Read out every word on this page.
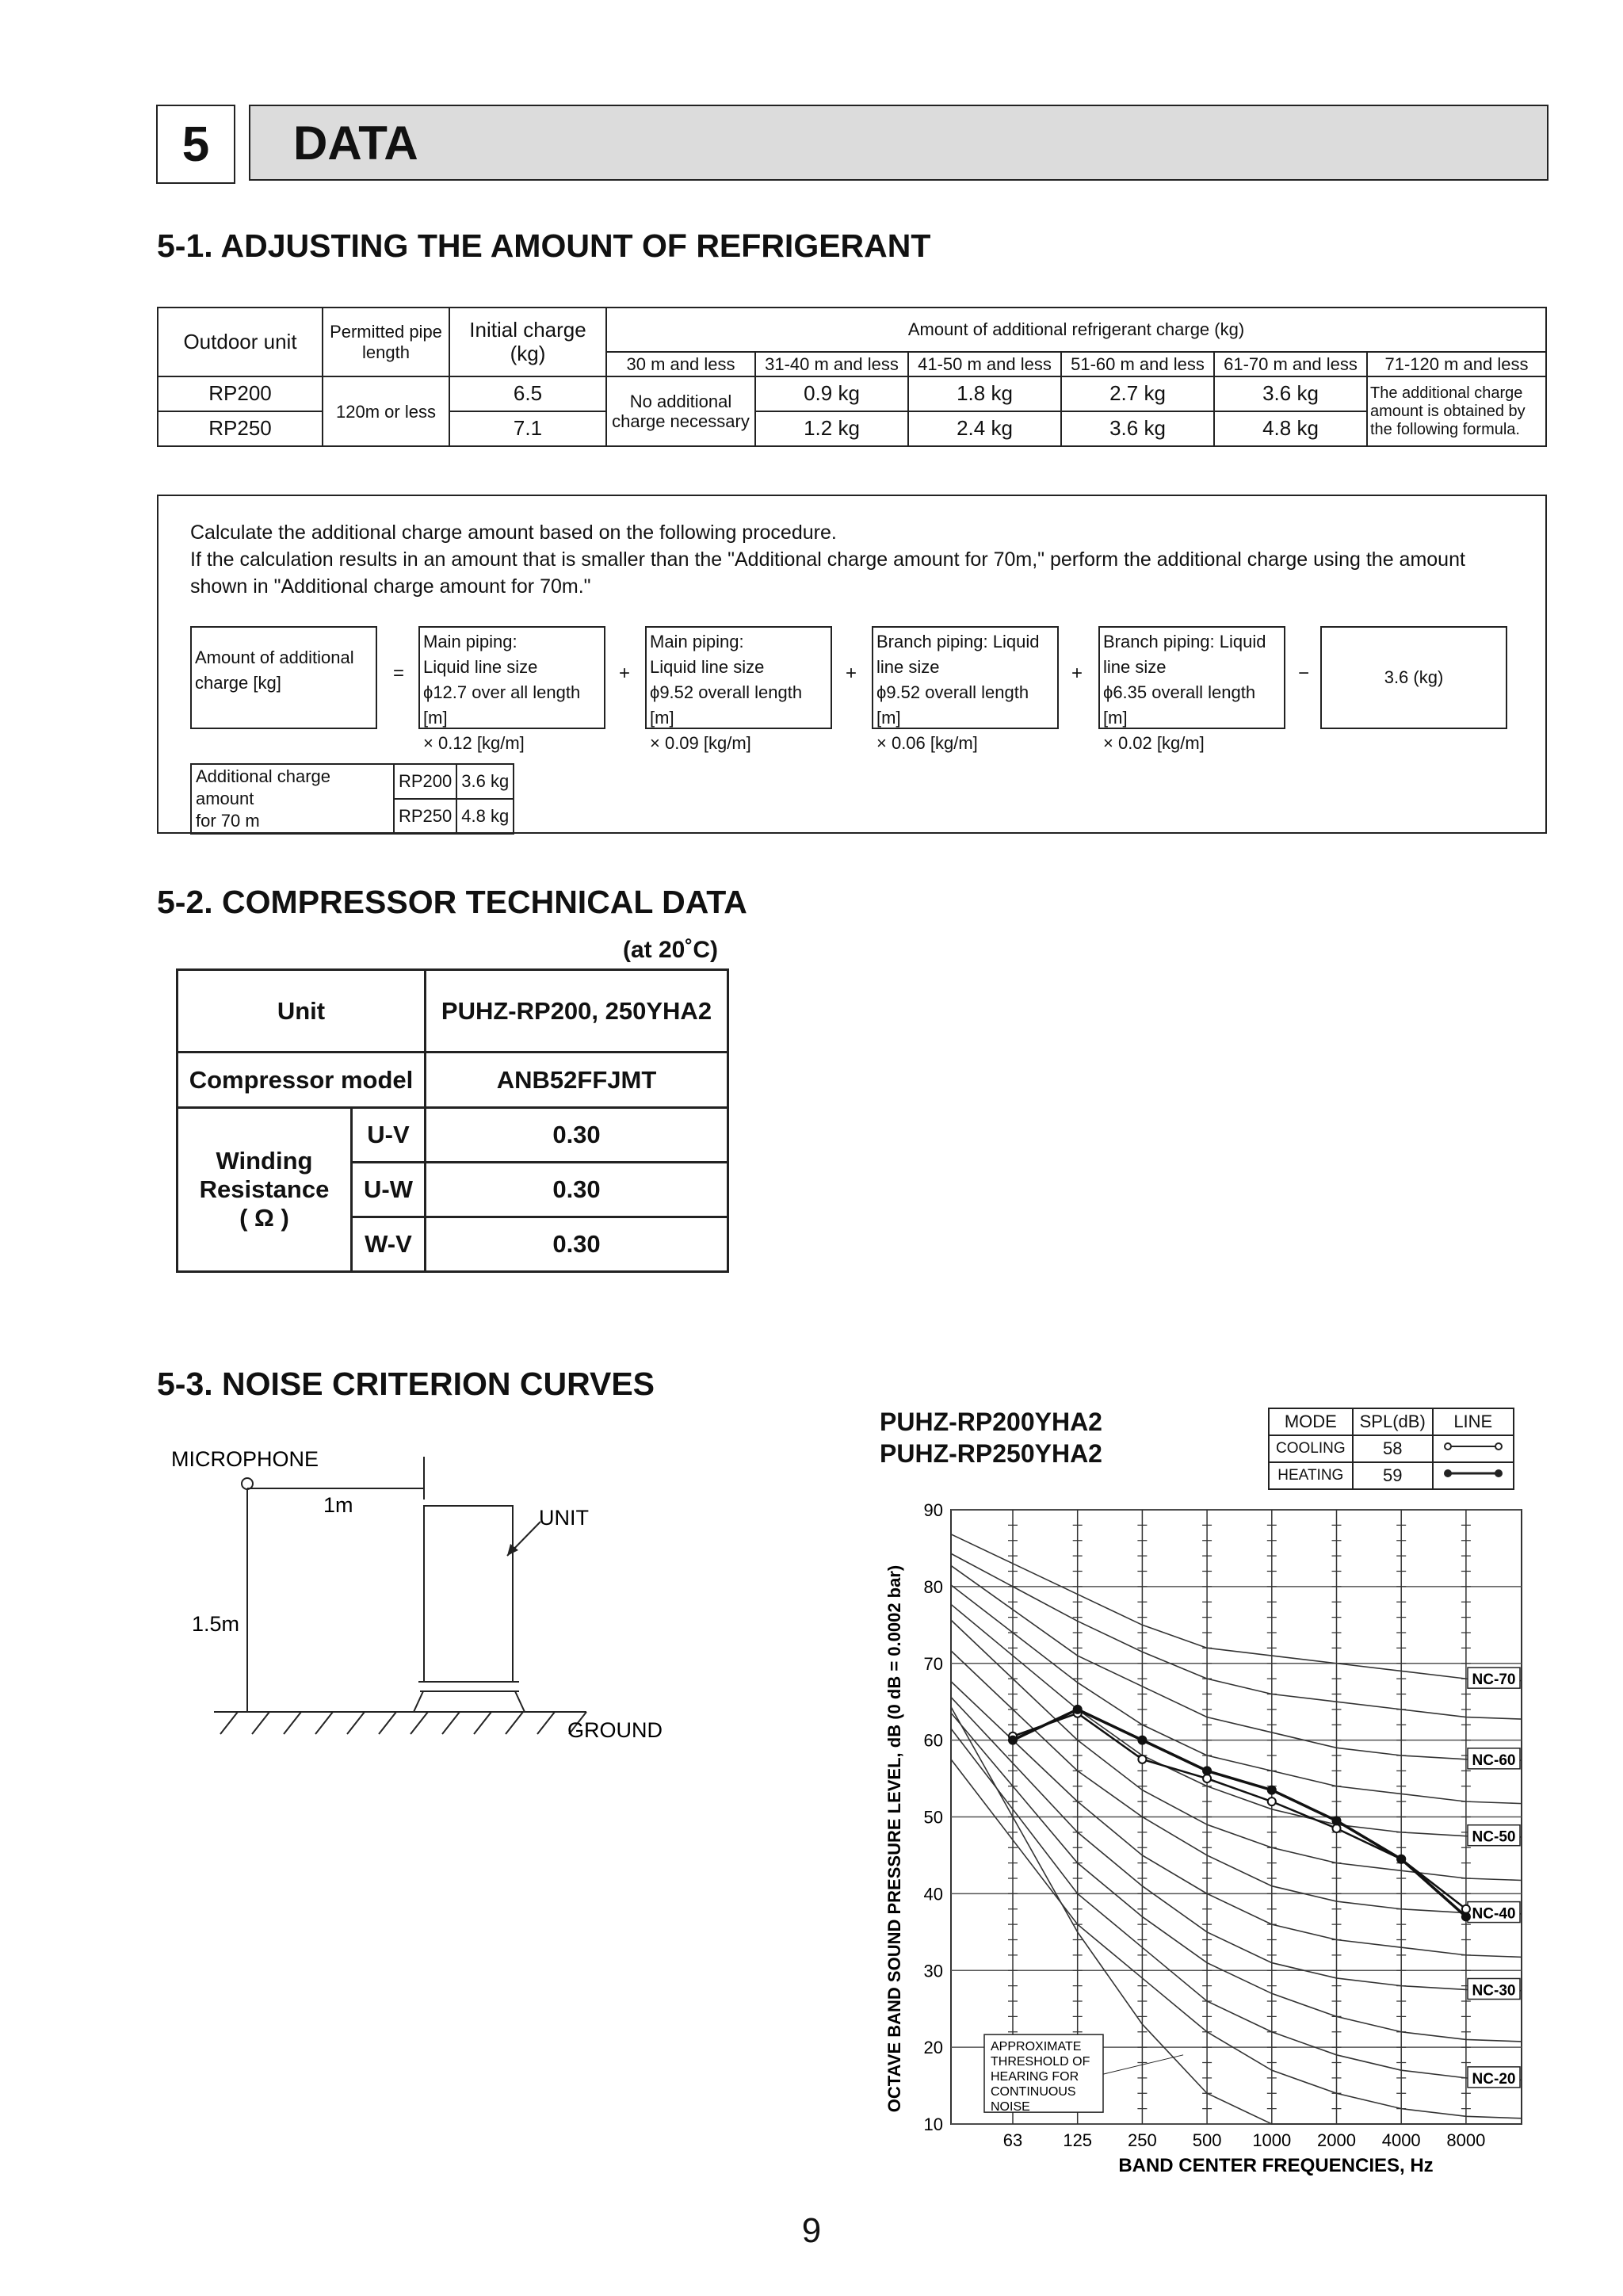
5	DATA
5-1. ADJUSTING THE AMOUNT OF REFRIGERANT
Outdoor unit	Permitted pipe length	Initial charge (kg)	Amount of additional refrigerant charge (kg)					
			30 m and less	31-40 m and less	41-50 m and less	51-60 m and less	61-70 m and less	71-120 m and less
RP200	120m or less	6.5	No additional charge necessary	0.9 kg	1.8 kg	2.7 kg	3.6 kg	The additional charge amount is obtained by the following formula.
RP250		7.1		1.2 kg	2.4 kg	3.6 kg	4.8 kg	
Calculate the additional charge amount based on the following procedure.
If the calculation results in an amount that is smaller than the "Additional charge amount for 70m," perform the additional charge using the amount shown in "Additional charge amount for 70m."
Amount of additional
charge [kg]	=
Main piping:
Liquid line size
ϕ12.7 over all length [m]
× 0.12 [kg/m]
+
Main piping:
Liquid line size
ϕ9.52 overall length [m]
× 0.09 [kg/m]
+
Branch piping: Liquid
line size
ϕ9.52 overall length [m]
× 0.06 [kg/m]
+
Branch piping: Liquid
line size
ϕ6.35 overall length [m]
× 0.02 [kg/m]
−	3.6 (kg)
Additional charge amount
for 70 m	RP200	3.6 kg
	RP250	4.8 kg
5-2. COMPRESSOR TECHNICAL DATA
(at 20˚C)
Unit		PUHZ-RP200, 250YHA2
Compressor model		ANB52FFJMT

Winding
Resistance
( Ω )	U-V	0.30
	U-W	0.30
	W-V	0.30
5-3. NOISE CRITERION CURVES
MICROPHONE
1m
1.5m
UNIT
GROUND
PUHZ-RP200YHA2
PUHZ-RP250YHA2
MODE	SPL(dB)	LINE
COOLING	58	
HEATING	59	
OCTAVE BAND SOUND PRESSURE LEVEL, dB (0 dB = 0.0002 bar)
BAND CENTER FREQUENCIES, Hz
10
20
30
40
50
60
70
80
90
63 125 250 500 1000 2000 4000 8000
NC-70
NC-60
NC-50
NC-40
NC-30
NC-20
APPROXIMATE
THRESHOLD OF
HEARING FOR
CONTINUOUS
NOISE
9
